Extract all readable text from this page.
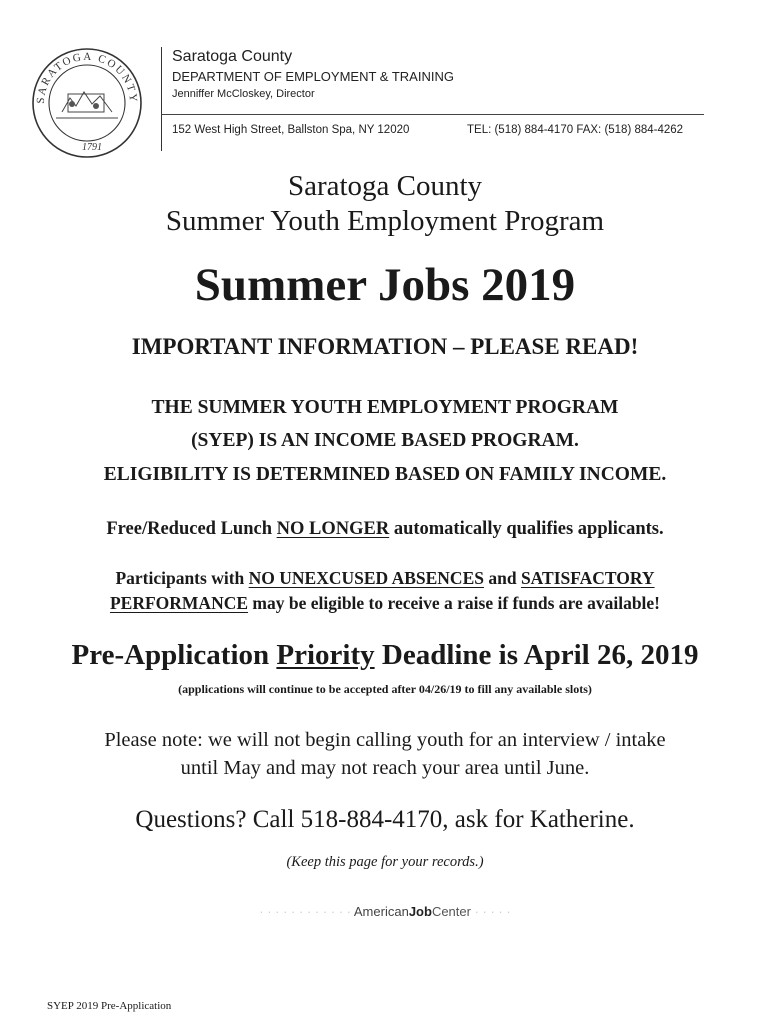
SARATOGA COUNTY
1791
Saratoga County
DEPARTMENT OF EMPLOYMENT & TRAINING
Jenniffer McCloskey, Director
152 West High Street, Ballston Spa, NY 12020	TEL: (518) 884-4170 FAX: (518) 884-4262
Saratoga County
Summer Youth Employment Program
Summer Jobs 2019
IMPORTANT INFORMATION – PLEASE READ!
THE SUMMER YOUTH EMPLOYMENT PROGRAM
(SYEP) IS AN INCOME BASED PROGRAM.
ELIGIBILITY IS DETERMINED BASED ON FAMILY INCOME.
Free/Reduced Lunch NO LONGER automatically qualifies applicants.
Participants with NO UNEXCUSED ABSENCES and SATISFACTORY
PERFORMANCE may be eligible to receive a raise if funds are available!
Pre-Application Priority Deadline is April 26, 2019
(applications will continue to be accepted after 04/26/19 to fill any available slots)
Please note: we will not begin calling youth for an interview / intake
until May and may not reach your area until June.
Questions? Call 518-884-4170, ask for Katherine.
(Keep this page for your records.)
· · · · · · · · · · · · AmericanJobCenter · · · · ·
SYEP 2019 Pre-Application
